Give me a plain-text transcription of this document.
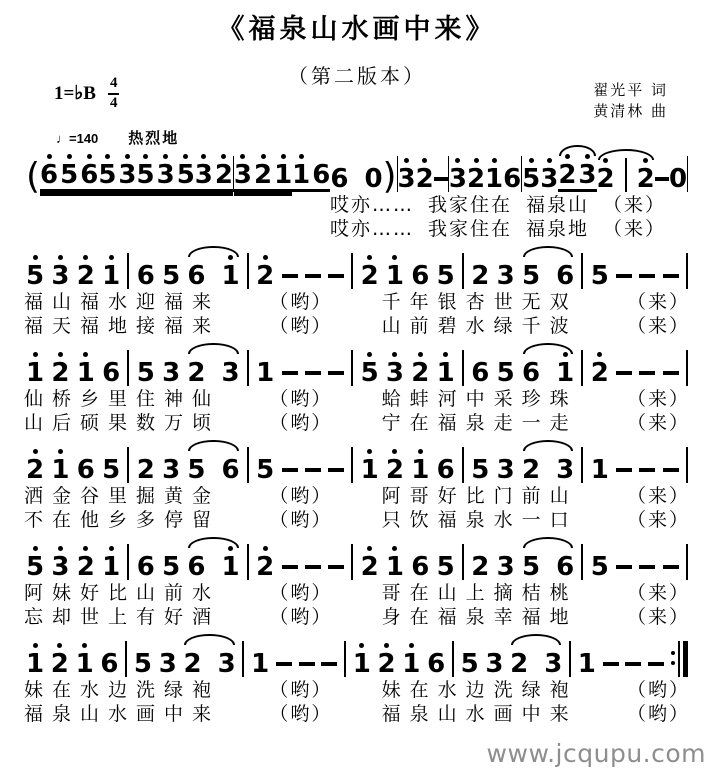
《福泉山水画中来》
（第二版本）
1=♭B $\frac{4}{4}$	翟光平 词
黄清林 曲
♩=140 热烈地
( 6 5 6 5 3 5 3 5 3 2 3 2 1 1 6 6 0 ) 3 2 3 2 1 6 5 3 2 3 2 2 0
哎亦…… 我家住在 福泉山 （来）
哎亦…… 我家住在 福泉地 （来）
5 3 2 1 6 5 6 1 2	2 1 6 5 2 3 5 6 5
福山福水迎福来	（哟）	千年银杏世无双	（来）
福天福地接福来	（哟）	山前碧水绿千波	（来）
1 2 1 6 5 3 2 3 1	5 3 2 1 6 5 6 1 2
仙桥乡里住神仙	（哟）	蛤蚌河中采珍珠	（来）
山后硕果数万顷	（哟）	宁在福泉走一走	（来）
2 1 6 5 2 3 5 6 5	1 2 1 6 5 3 2 3 1
洒金谷里掘黄金	（哟）	阿哥好比门前山	（来）
不在他乡多停留	（哟）	只饮福泉水一口	（来）
5 3 2 1 6 5 6 1 2	2 1 6 5 2 3 5 6 5
阿妹好比山前水	（哟）	哥在山上摘桔桃	（来）
忘却世上有好酒	（哟）	身在福泉幸福地	（来）
1 2 1 6 5 3 2 3 1	1 2 1 6 5 3 2 3 1
妹在水边洗绿袍	（哟）	妹在水边洗绿袍	（哟）
福泉山水画中来	（哟）	福泉山水画中来	（哟）
www.jcqupu.com
